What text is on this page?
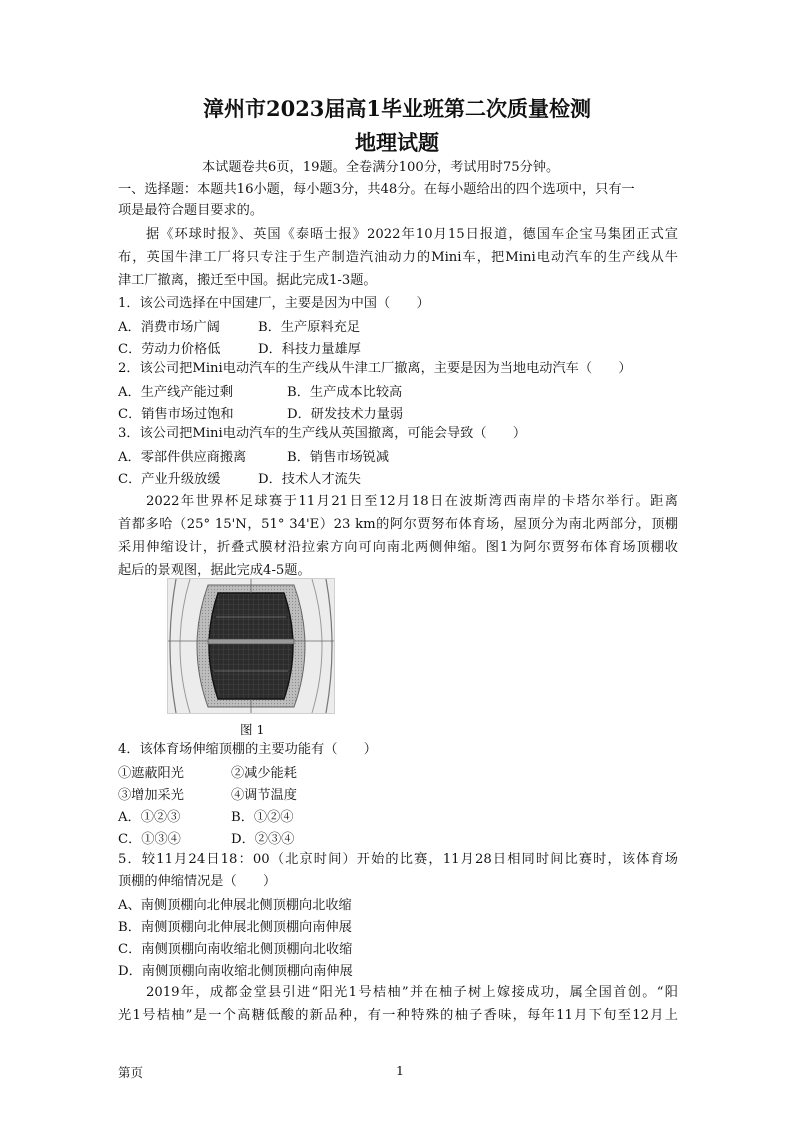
漳州市2023届高1毕业班第二次质量检测
地理试题
本试题卷共6页，19题。全卷满分100分，考试用时75分钟。
一、选择题：本题共16小题，每小题3分，共48分。在每小题给出的四个选项中，只有一
项是最符合题目要求的。
据《环球时报》、英国《泰晤士报》2022年10月15日报道，德国车企宝马集团正式宣
布，英国牛津工厂将只专注于生产制造汽油动力的Mini车，把Mini电动汽车的生产线从牛
津工厂撤离，搬迁至中国。据此完成1-3题。
1．该公司选择在中国建厂，主要是因为中国（　　）
A．消费市场广阔	B．生产原料充足
C．劳动力价格低	D．科技力量雄厚
2．该公司把Mini电动汽车的生产线从牛津工厂撤离，主要是因为当地电动汽车（　　）
A．生产线产能过剩	B．生产成本比较高
C．销售市场过饱和	D．研发技术力量弱
3．该公司把Mini电动汽车的生产线从英国撤离，可能会导致（　　）
A．零部件供应商搬离	B．销售市场锐减
C．产业升级放缓	D．技术人才流失
2022年世界杯足球赛于11月21日至12月18日在波斯湾西南岸的卡塔尔举行。距离
首都多哈（25° 15'N，51° 34'E）23 km的阿尔贾努布体育场，屋顶分为南北两部分，顶棚
采用伸缩设计，折叠式膜材沿拉索方向可向南北两侧伸缩。图1为阿尔贾努布体育场顶棚收
起后的景观图，据此完成4-5题。
图 1
4．该体育场伸缩顶棚的主要功能有（　　）
①遮蔽阳光	②减少能耗
③增加采光	④调节温度
A．①②③	B．①②④
C．①③④	D．②③④
5．较11月24日18：00（北京时间）开始的比赛，11月28日相同时间比赛时，该体育场
顶棚的伸缩情况是（　　）
A、南侧顶棚向北伸展北侧顶棚向北收缩
B．南侧顶棚向北伸展北侧顶棚向南伸展
C．南侧顶棚向南收缩北侧顶棚向北收缩
D．南侧顶棚向南收缩北侧顶棚向南伸展
2019年，成都金堂县引进“阳光1号桔柚”并在柚子树上嫁接成功，属全国首创。“阳
光1号桔柚”是一个高糖低酸的新品种，有一种特殊的柚子香味，每年11月下旬至12月上
第页	1
